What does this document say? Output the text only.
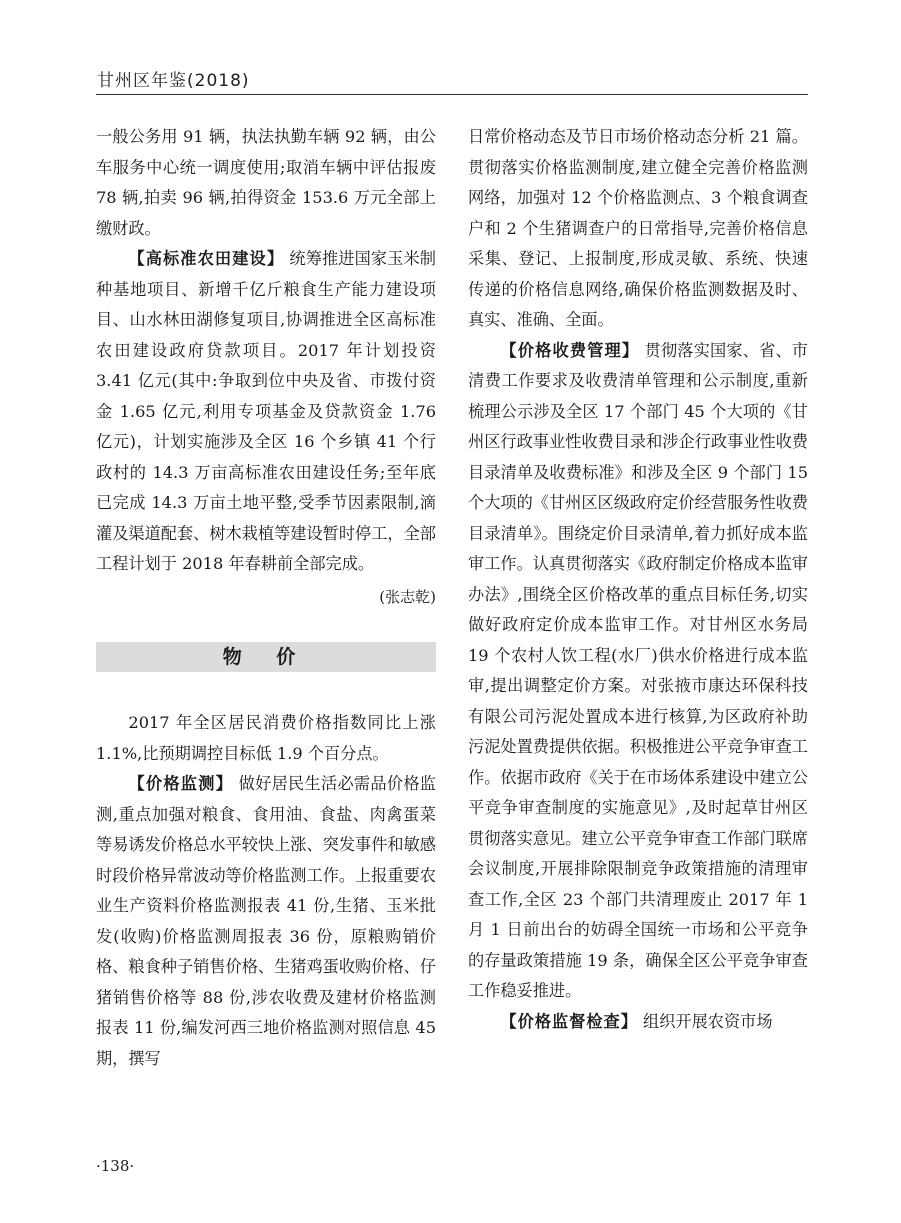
甘州区年鉴(2018)

一般公务用 91 辆，执法执勤车辆 92 辆，由公车服务中心统一调度使用;取消车辆中评估报废 78 辆,拍卖 96 辆,拍得资金 153.6 万元全部上缴财政。

【高标准农田建设】 统筹推进国家玉米制种基地项目、新增千亿斤粮食生产能力建设项目、山水林田湖修复项目,协调推进全区高标准农田建设政府贷款项目。2017 年计划投资 3.41 亿元(其中:争取到位中央及省、市拨付资金 1.65 亿元,利用专项基金及贷款资金 1.76 亿元)，计划实施涉及全区 16 个乡镇 41 个行政村的 14.3 万亩高标准农田建设任务;至年底已完成 14.3 万亩土地平整,受季节因素限制,滴灌及渠道配套、树木栽植等建设暂时停工，全部工程计划于 2018 年春耕前全部完成。

(张志乾)

物 价

2017 年全区居民消费价格指数同比上涨 1.1%,比预期调控目标低 1.9 个百分点。

【价格监测】 做好居民生活必需品价格监测,重点加强对粮食、食用油、食盐、肉禽蛋菜等易诱发价格总水平较快上涨、突发事件和敏感时段价格异常波动等价格监测工作。上报重要农业生产资料价格监测报表 41 份,生猪、玉米批发(收购)价格监测周报表 36 份，原粮购销价格、粮食种子销售价格、生猪鸡蛋收购价格、仔猪销售价格等 88 份,涉农收费及建材价格监测报表 11 份,编发河西三地价格监测对照信息 45 期，撰写

日常价格动态及节日市场价格动态分析 21 篇。贯彻落实价格监测制度,建立健全完善价格监测网络，加强对 12 个价格监测点、3 个粮食调查户和 2 个生猪调查户的日常指导,完善价格信息采集、登记、上报制度,形成灵敏、系统、快速传递的价格信息网络,确保价格监测数据及时、真实、准确、全面。

【价格收费管理】 贯彻落实国家、省、市清费工作要求及收费清单管理和公示制度,重新梳理公示涉及全区 17 个部门 45 个大项的《甘州区行政事业性收费目录和涉企行政事业性收费目录清单及收费标准》和涉及全区 9 个部门 15 个大项的《甘州区区级政府定价经营服务性收费目录清单》。围绕定价目录清单,着力抓好成本监审工作。认真贯彻落实《政府制定价格成本监审办法》,围绕全区价格改革的重点目标任务,切实做好政府定价成本监审工作。对甘州区水务局 19 个农村人饮工程(水厂)供水价格进行成本监审,提出调整定价方案。对张掖市康达环保科技有限公司污泥处置成本进行核算,为区政府补助污泥处置费提供依据。积极推进公平竞争审查工作。依据市政府《关于在市场体系建设中建立公平竞争审查制度的实施意见》,及时起草甘州区贯彻落实意见。建立公平竞争审查工作部门联席会议制度,开展排除限制竞争政策措施的清理审查工作,全区 23 个部门共清理废止 2017 年 1 月 1 日前出台的妨碍全国统一市场和公平竞争的存量政策措施 19 条，确保全区公平竞争审查工作稳妥推进。

【价格监督检查】 组织开展农资市场

·138·
